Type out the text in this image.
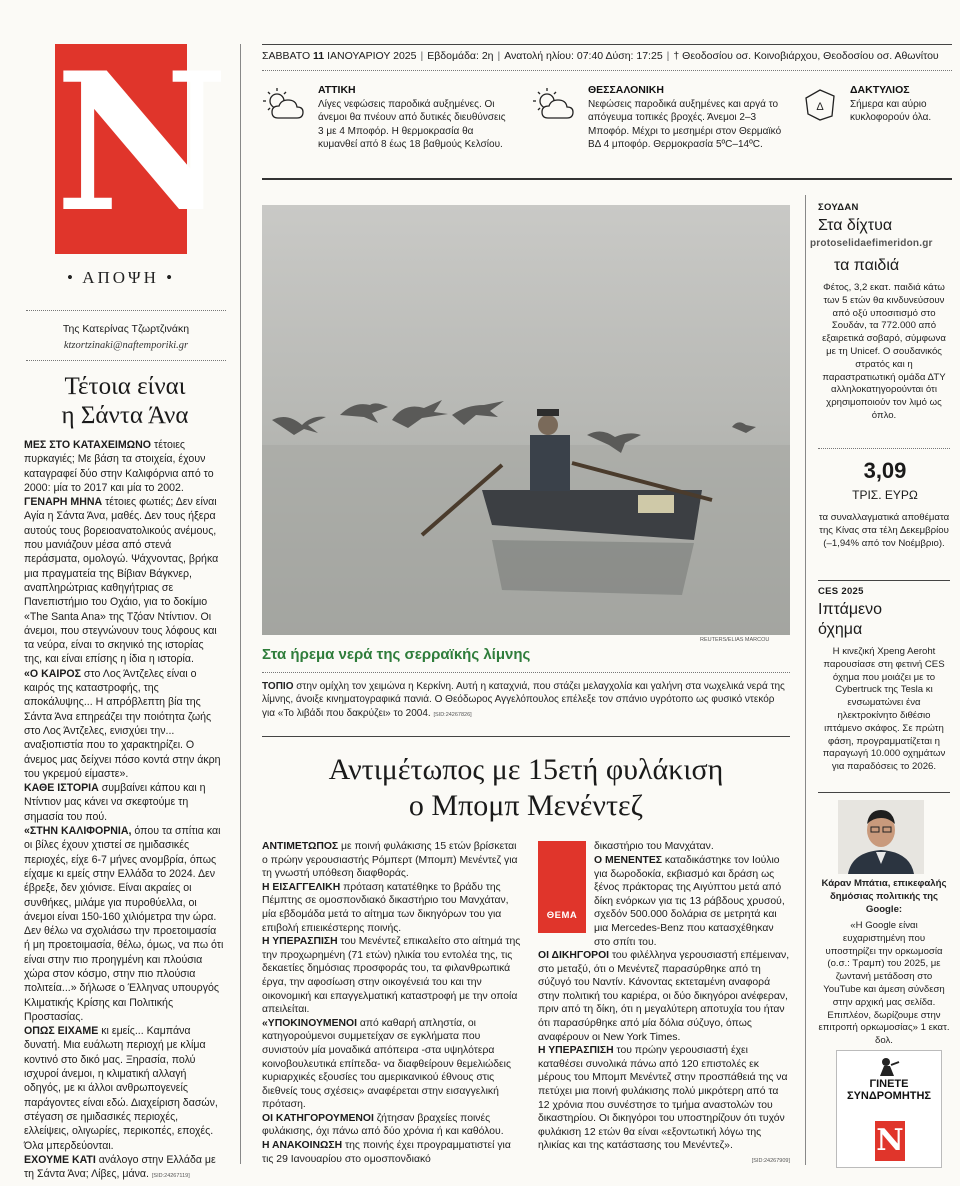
N
• ΑΠΟΨΗ •
Της Κατερίνας Τζωρτζινάκη
ktzortzinaki@naftemporiki.gr
Τέτοια είναι
η Σάντα Άνα

ΜΕΣ ΣΤΟ ΚΑΤΑΧΕΙΜΩΝΟ τέτοιες πυρκαγιές; Με βάση τα στοιχεία, έχουν καταγραφεί δύο στην Καλιφόρνια από το 2000: μία το 2017 και μία το 2002.

ΓΕΝΑΡΗ ΜΗΝΑ τέτοιες φωτιές; Δεν είναι Αγία η Σάντα Άνα, μαθές. Δεν τους ήξερα αυτούς τους βορειοανατολικούς ανέμους, που μανιάζουν μέσα από στενά περάσματα, ομολογώ. Ψάχνοντας, βρήκα μια πραγματεία της Βίβιαν Βάγκνερ, αναπληρώτριας καθηγήτριας σε Πανεπιστήμιο του Οχάιο, για το δοκίμιο «The Santa Ana» της Τζόαν Ντίντιον. Οι άνεμοι, που στεγνώνουν τους λόφους και τα νεύρα, είναι το σκηνικό της ιστορίας της, και είναι επίσης η ίδια η ιστορία.

«Ο ΚΑΙΡΟΣ στο Λος Άντζελες είναι ο καιρός της καταστροφής, της αποκάλυψης... Η απρόβλεπτη βία της Σάντα Άνα επηρεάζει την ποιότητα ζωής στο Λος Άντζελες, ενισχύει την... αναξιοπιστία που τo χαρακτηρίζει. Ο άνεμος μας δείχνει πόσο κοντά στην άκρη του γκρεμού είμαστε».

ΚΑΘΕ ΙΣΤΟΡΙΑ συμβαίνει κάπου και η Ντίντιον μας κάνει να σκεφτούμε τη σημασία του πού.

«ΣΤΗΝ ΚΑΛΙΦΟΡΝΙΑ, όπου τα σπίτια και οι βίλες έχουν χτιστεί σε ημιδασικές περιοχές, είχε 6-7 μήνες ανομβρία, όπως είχαμε κι εμείς στην Ελλάδα το 2024. Δεν έβρεξε, δεν χιόνισε. Είναι ακραίες οι συνθήκες, μιλάμε για πυροθύελλα, οι άνεμοι είναι 150-160 χιλιόμετρα την ώρα. Δεν θέλω να σχολιάσω την προετοιμασία ή μη προετοιμασία, θέλω, όμως, να πω ότι είναι στην πιο προηγμένη και πλούσια χώρα στον κόσμο, στην πιο πλούσια πολιτεία...» δήλωσε ο Έλληνας υπουργός Κλιματικής Κρίσης και Πολιτικής Προστασίας.

ΟΠΩΣ ΕΙΧΑΜΕ κι εμείς... Καμπάνα δυνατή. Μια ευάλωτη περιοχή με κλίμα κοντινό στο δικό μας. Ξηρασία, πολύ ισχυροί άνεμοι, η κλιματική αλλαγή οδηγός, με κι άλλοι ανθρωπογενείς παράγοντες είναι εδώ. Διαχείριση δασών, στέγαση σε ημιδασικές περιοχές, ελλείψεις, ολιγωρίες, περικοπές, εποχές. Όλα μπερδεύονται.

ΕΧΟΥΜΕ ΚΑΤΙ ανάλογο στην Ελλάδα με τη Σάντα Άνα; Λίβες, μάνα. [SID:24267119]

ΣΑΒΒΑΤΟ 11 ΙΑΝΟΥΑΡΙΟΥ 2025 | Εβδομάδα: 2η | Ανατολή ηλίου: 07:40 Δύση: 17:25 | † Θεοδοσίου οσ. Κοινοβιάρχου, Θεοδοσίου οσ. Αθωνίτου
ΑΤΤΙΚΗ
Λίγες νεφώσεις παροδικά αυξημένες. Οι άνεμοι θα πνέουν από δυτικές διευθύνσεις 3 με 4 Μποφόρ. Η θερμοκρασία θα κυμανθεί από 8 έως 18 βαθμούς Κελσίου.
ΘΕΣΣΑΛΟΝΙΚΗ
Νεφώσεις παροδικά αυξημένες και αργά το απόγευμα τοπικές βροχές. Άνεμοι 2–3 Μποφόρ. Μέχρι το μεσημέρι στον Θερμαϊκό ΒΔ 4 μποφόρ. Θερμοκρασία 5ºC–14ºC.
Δ
ΔΑΚΤΥΛΙΟΣ
Σήμερα και αύριο κυκλοφορούν όλα.
REUTERS/ELIAS MARCOU
Στα ήρεμα νερά της σερραϊκής λίμνης
ΤΟΠΙΟ στην ομίχλη τον χειμώνα η Κερκίνη. Αυτή η καταχνιά, που στάζει μελαγχολία και γαλήνη στα νωχελικά νερά της λίμνης, άνοιξε κινηματογραφικά πανιά. Ο Θεόδωρος Αγγελόπουλος επέλεξε τον σπάνιο υγρότοπο ως φυσικό ντεκόρ για «Το λιβάδι που δακρύζει» το 2004. [SID:24267826]
Αντιμέτωπος με 15ετή φυλάκιση
ο Μπομπ Μενέντεζ

ΑΝΤΙΜΕΤΩΠΟΣ με ποινή φυλάκισης 15 ετών βρίσκεται ο πρώην γερουσιαστής Ρόμπερτ (Μπομπ) Μενέντεζ για τη γνωστή υπόθεση διαφθοράς.

Η ΕΙΣΑΓΓΕΛΙΚΗ πρόταση κατατέθηκε το βράδυ της Πέμπτης σε ομοσπονδιακό δικαστήριο του Μανχάταν, μία εβδομάδα μετά το αίτημα των δικηγόρων του για επιβολή επιεικέστερης ποινής.

Η ΥΠΕΡΑΣΠΙΣΗ του Μενέντεζ επικαλείτο στο αίτημά της την προχωρημένη (71 ετών) ηλικία του εντολέα της, τις δεκαετίες δημόσιας προσφοράς του, τα φιλανθρωπικά έργα, την αφοσίωση στην οικογένειά του και την οικονομική και επαγγελματική καταστροφή με την οποία απειλείται.

«ΥΠΟΚΙΝΟΥΜΕΝΟΙ από καθαρή απληστία, οι κατηγορούμενοι συμμετείχαν σε εγκλήματα που συνιστούν μία μοναδικά απόπειρα -στα υψηλότερα κοινοβουλευτικά επίπεδα- να διαφθείρουν θεμελιώδεις κυριαρχικές εξουσίες του αμερικανικού έθνους στις διεθνείς τους σχέσεις» αναφέρεται στην εισαγγελική πρόταση.

ΟΙ ΚΑΤΗΓΟΡΟΥΜΕΝΟΙ ζήτησαν βραχείες ποινές φυλάκισης, όχι πάνω από δύο χρόνια ή και καθόλου.

Η ΑΝΑΚΟΙΝΩΣΗ της ποινής έχει προγραμματιστεί για τις 29 Ιανουαρίου στο ομοσπονδιακό

ΘΕΜΑ
δικαστήριο του Μανχάταν.

Ο ΜΕΝΕΝΤΕΣ καταδικάστηκε τον Ιούλιο για δωροδοκία, εκβιασμό και δράση ως ξένος πράκτορας της Αιγύπτου μετά από δίκη ενόρκων για τις 13 ράβδους χρυσού, σχεδόν 500.000 δολάρια σε μετρητά και μια Mercedes-Benz που κατασχέθηκαν στο σπίτι του.

ΟΙ ΔΙΚΗΓΟΡΟΙ του φιλέλληνα γερουσιαστή επέμειναν, στο μεταξύ, ότι ο Μενέντεζ παρασύρθηκε από τη σύζυγό του Ναντίν. Κάνοντας εκτεταμένη αναφορά στην πολιτική του καριέρα, οι δύο δικηγόροι ανέφεραν, πριν από τη δίκη, ότι η μεγαλύτερη αποτυχία του ήταν ότι παρασύρθηκε από μία δόλια σύζυγο, όπως αναφέρουν οι New York Times.

Η ΥΠΕΡΑΣΠΙΣΗ του πρώην γερουσιαστή έχει καταθέσει συνολικά πάνω από 120 επιστολές εκ μέρους του Μπομπ Μενέντεζ στην προσπάθειά της να πετύχει μια ποινή φυλάκισης πολύ μικρότερη από τα 12 χρόνια που συνέστησε το τμήμα αναστολών του δικαστηρίου. Οι δικηγόροι του υποστηρίζουν ότι τυχόν φυλάκιση 12 ετών θα είναι «εξοντωτική λόγω της ηλικίας και της κατάστασης του Μενέντεζ».

[SID:24267909]
ΣΟΥΔΑΝ
Στα δίχτυα
protoselidaefimeridon.gr
τα παιδιά
Φέτος, 3,2 εκατ. παιδιά κάτω των 5 ετών θα κινδυνεύσουν από οξύ υποσιτισμό στο Σουδάν, τα 772.000 από εξαιρετικά σοβαρό, σύμφωνα με τη Unicef. Ο σουδανικός στρατός και η παραστρατιωτική ομάδα ΔΤΥ αλληλοκατηγορούνται ότι χρησιμοποιούν τον λιμό ως όπλο.
3,09
ΤΡΙΣ. ΕΥΡΩ
τα συναλλαγματικά αποθέματα της Κίνας στα τέλη Δεκεμβρίου (–1,94% από τον Νοέμβριο).
CES 2025
Ιπτάμενο
όχημα
Η κινεζική Xpeng Aeroht παρουσίασε στη φετινή CES όχημα που μοιάζει με το Cybertruck της Tesla κι ενσωματώνει ένα ηλεκτροκίνητο διθέσιο ιπτάμενο σκάφος. Σε πρώτη φάση, προγραμματίζεται η παραγωγή 10.000 οχημάτων για παραδόσεις το 2026.
Κάραν Μπάτια, επικεφαλής δημόσιας πολιτικής της Google:
«Η Google είναι ευχαριστημένη που υποστηρίζει την ορκωμοσία (ο.σ.: Τραμπ) του 2025, με ζωντανή μετάδοση στο YouTube και άμεση σύνδεση στην αρχική μας σελίδα. Επιπλέον, δωρίζουμε στην επιτροπή ορκωμοσίας» 1 εκατ. δολ.
N
ΓΙΝΕΤΕ
ΣΥΝΔΡΟΜΗΤΗΣ
